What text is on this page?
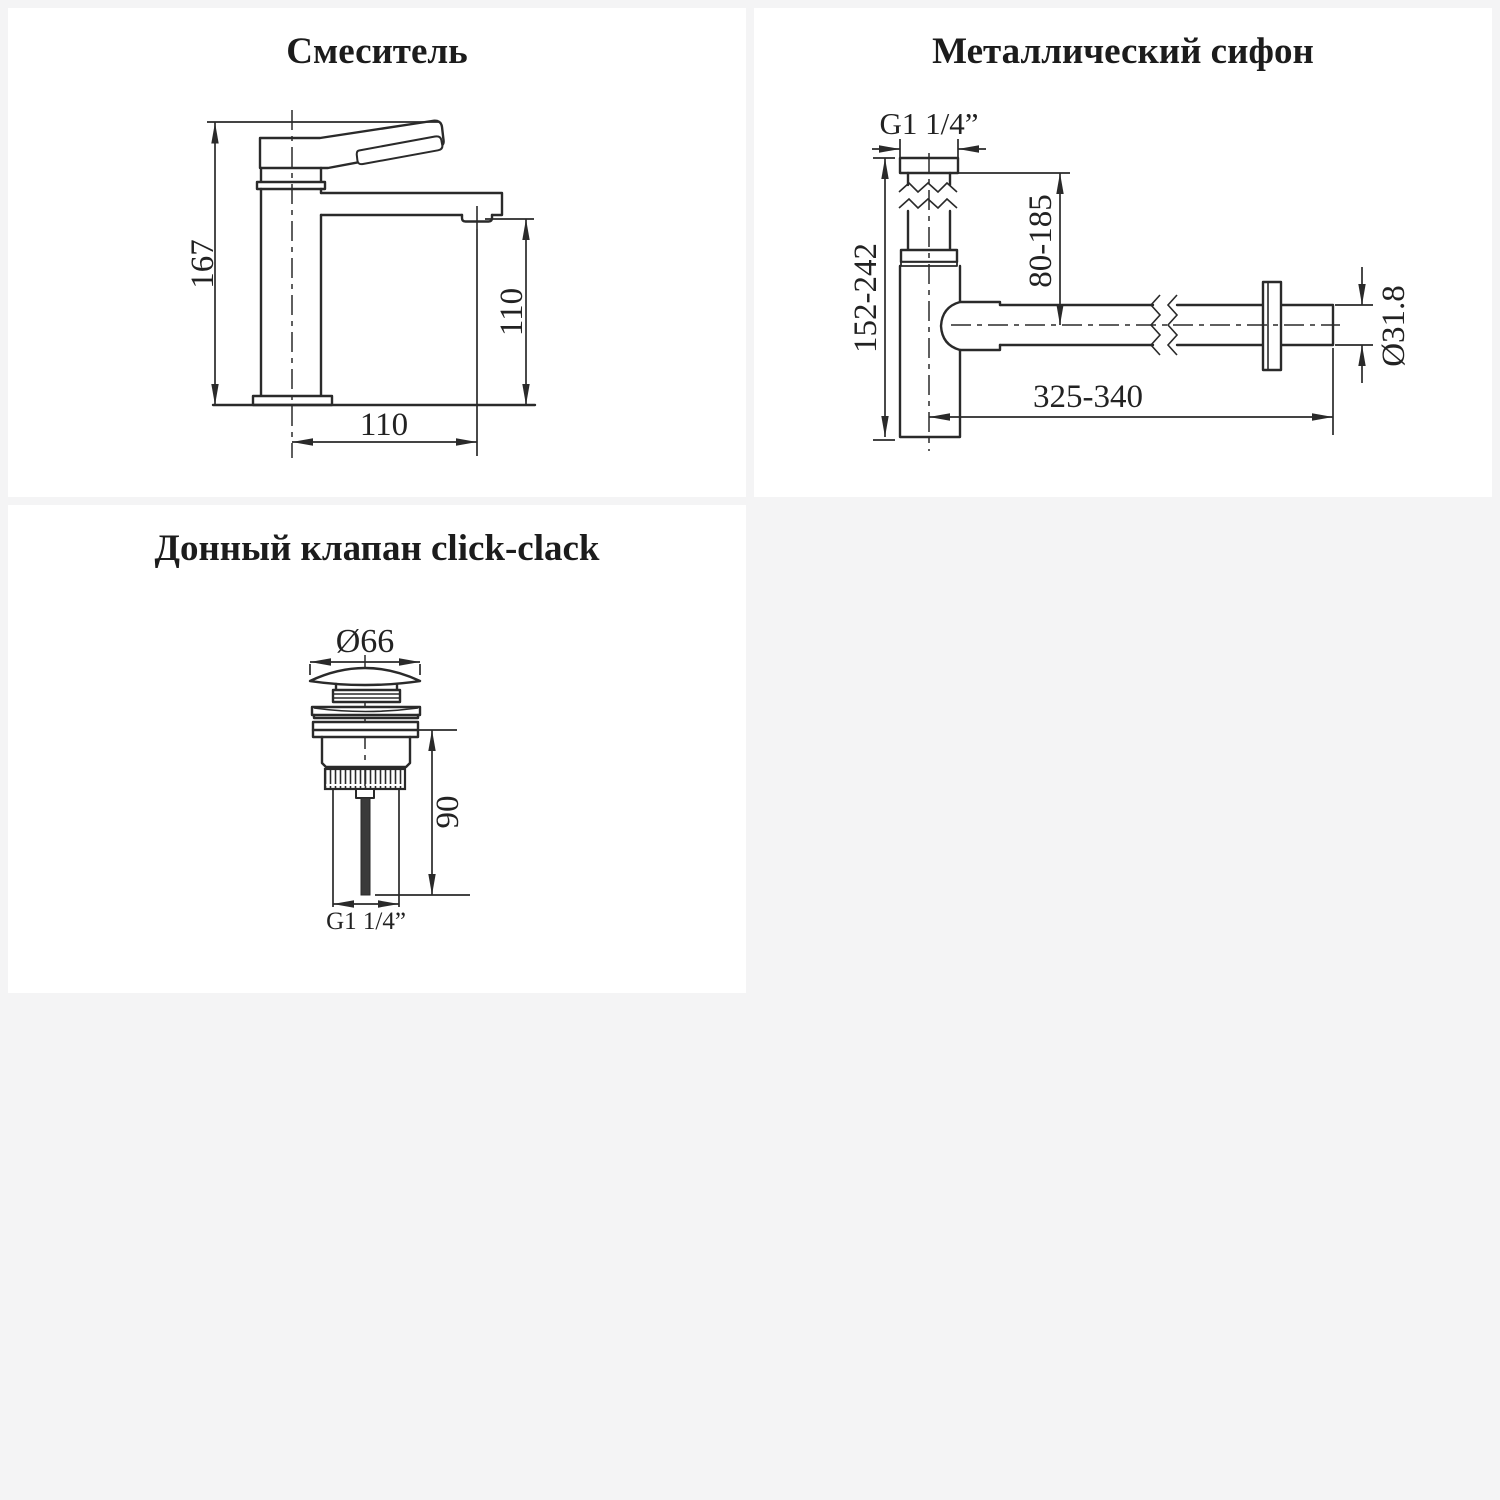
Смеситель
167
110
110
Металлический сифон
G1 1/4”
152-242
80-185
325-340
Ø31.8
Донный клапан click-clack
Ø66
90
G1 1/4”
